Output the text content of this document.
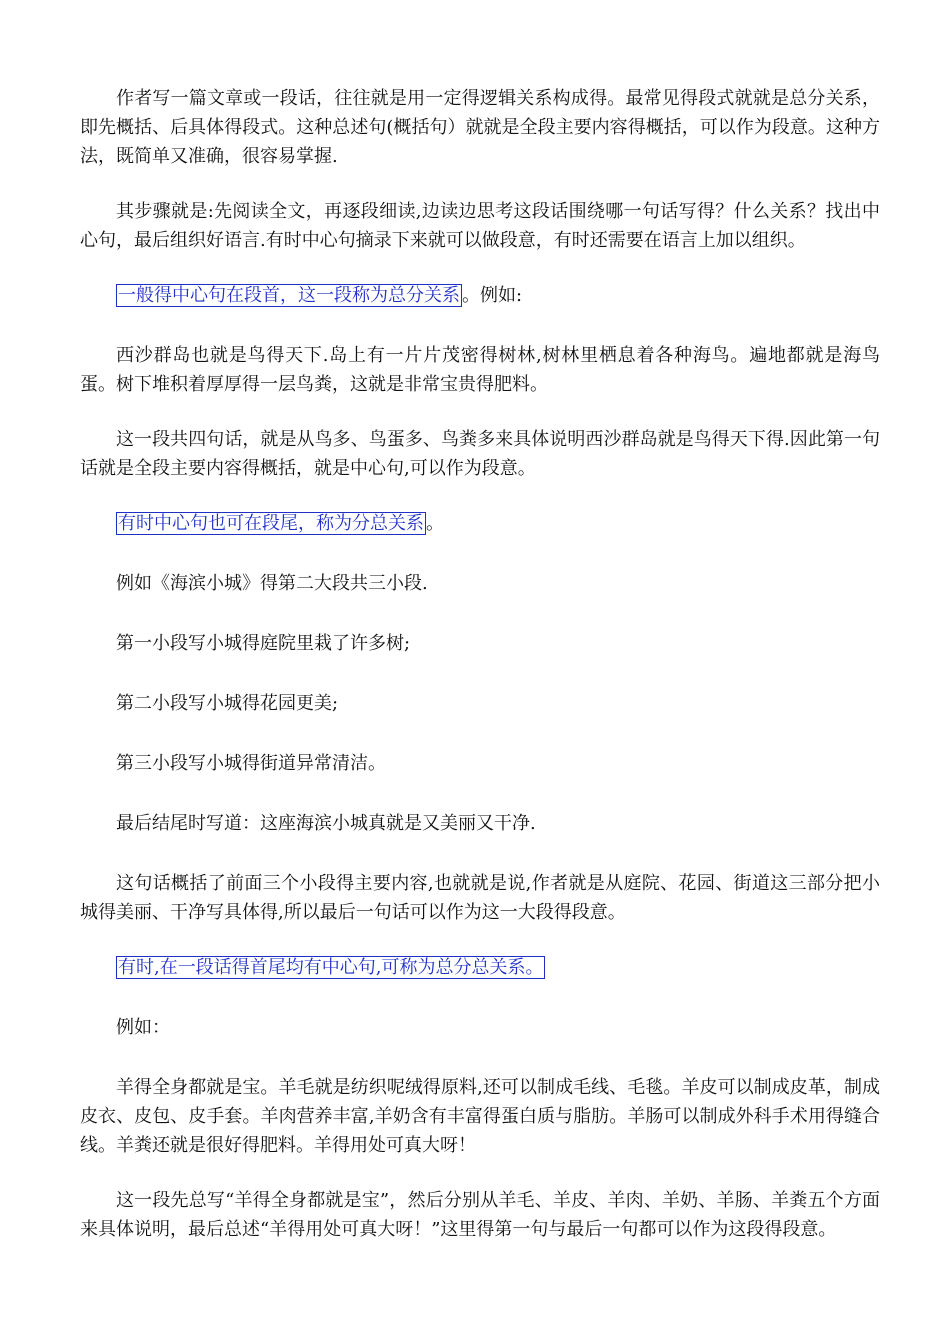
作者写一篇文章或一段话，往往就是用一定得逻辑关系构成得。最常见得段式就就是总分关系，即先概括、后具体得段式。这种总述句(概括句）就就是全段主要内容得概括，可以作为段意。这种方法，既简单又准确，很容易掌握.

其步骤就是:先阅读全文，再逐段细读,边读边思考这段话围绕哪一句话写得？什么关系？找出中心句，最后组织好语言.有时中心句摘录下来就可以做段意，有时还需要在语言上加以组织。

一般得中心句在段首，这一段称为总分关系 。例如:

西沙群岛也就是鸟得天下.岛上有一片片茂密得树林,树林里栖息着各种海鸟。遍地都就是海鸟蛋。树下堆积着厚厚得一层鸟粪，这就是非常宝贵得肥料。

这一段共四句话，就是从鸟多、鸟蛋多、鸟粪多来具体说明西沙群岛就是鸟得天下得.因此第一句话就是全段主要内容得概括，就是中心句,可以作为段意。

有时中心句也可在段尾，称为分总关系 。

例如《海滨小城》得第二大段共三小段.

第一小段写小城得庭院里栽了许多树;

第二小段写小城得花园更美;

第三小段写小城得街道异常清洁。

最后结尾时写道：这座海滨小城真就是又美丽又干净.

这句话概括了前面三个小段得主要内容,也就就是说,作者就是从庭院、花园、街道这三部分把小城得美丽、干净写具体得,所以最后一句话可以作为这一大段得段意。

有时,在一段话得首尾均有中心句,可称为总分总关系。

例如：

羊得全身都就是宝。羊毛就是纺织呢绒得原料,还可以制成毛线、毛毯。羊皮可以制成皮革，制成皮衣、皮包、皮手套。羊肉营养丰富,羊奶含有丰富得蛋白质与脂肪。羊肠可以制成外科手术用得缝合线。羊粪还就是很好得肥料。羊得用处可真大呀！

这一段先总写“羊得全身都就是宝”，然后分别从羊毛、羊皮、羊肉、羊奶、羊肠、羊粪五个方面来具体说明，最后总述“羊得用处可真大呀！”这里得第一句与最后一句都可以作为这段得段意。
